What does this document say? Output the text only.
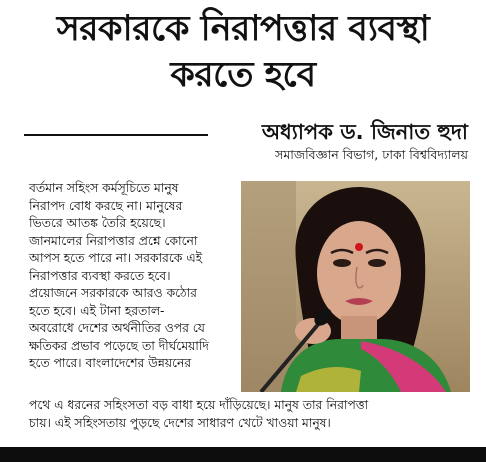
সরকারকে নিরাপত্তার ব্যবস্থা
করতে হবে
অধ্যাপক ড. জিনাত হুদা
সমাজবিজ্ঞান বিভাগ, ঢাকা বিশ্ববিদ্যালয়

বর্তমান সহিংস কর্মসূচিতে মানুষ

নিরাপদ বোধ করছে না। মানুষের

ভিতরে আতঙ্ক তৈরি হয়েছে।

জানমালের নিরাপত্তার প্রশ্নে কোনো

আপস হতে পারে না। সরকারকে এই

নিরাপত্তার ব্যবস্থা করতে হবে।

প্রয়োজনে সরকারকে আরও কঠোর

হতে হবে। এই টানা হরতাল-

অবরোধে দেশের অর্থনীতির ওপর যে

ক্ষতিকর প্রভাব পড়েছে তা দীর্ঘমেয়াদি

হতে পারে। বাংলাদেশের উন্নয়নের

পথে এ ধরনের সহিংসতা বড় বাধা হয়ে দাঁড়িয়েছে। মানুষ তার নিরাপত্তা

চায়। এই সহিংসতায় পুড়ছে দেশের সাধারণ খেটে খাওয়া মানুষ।
